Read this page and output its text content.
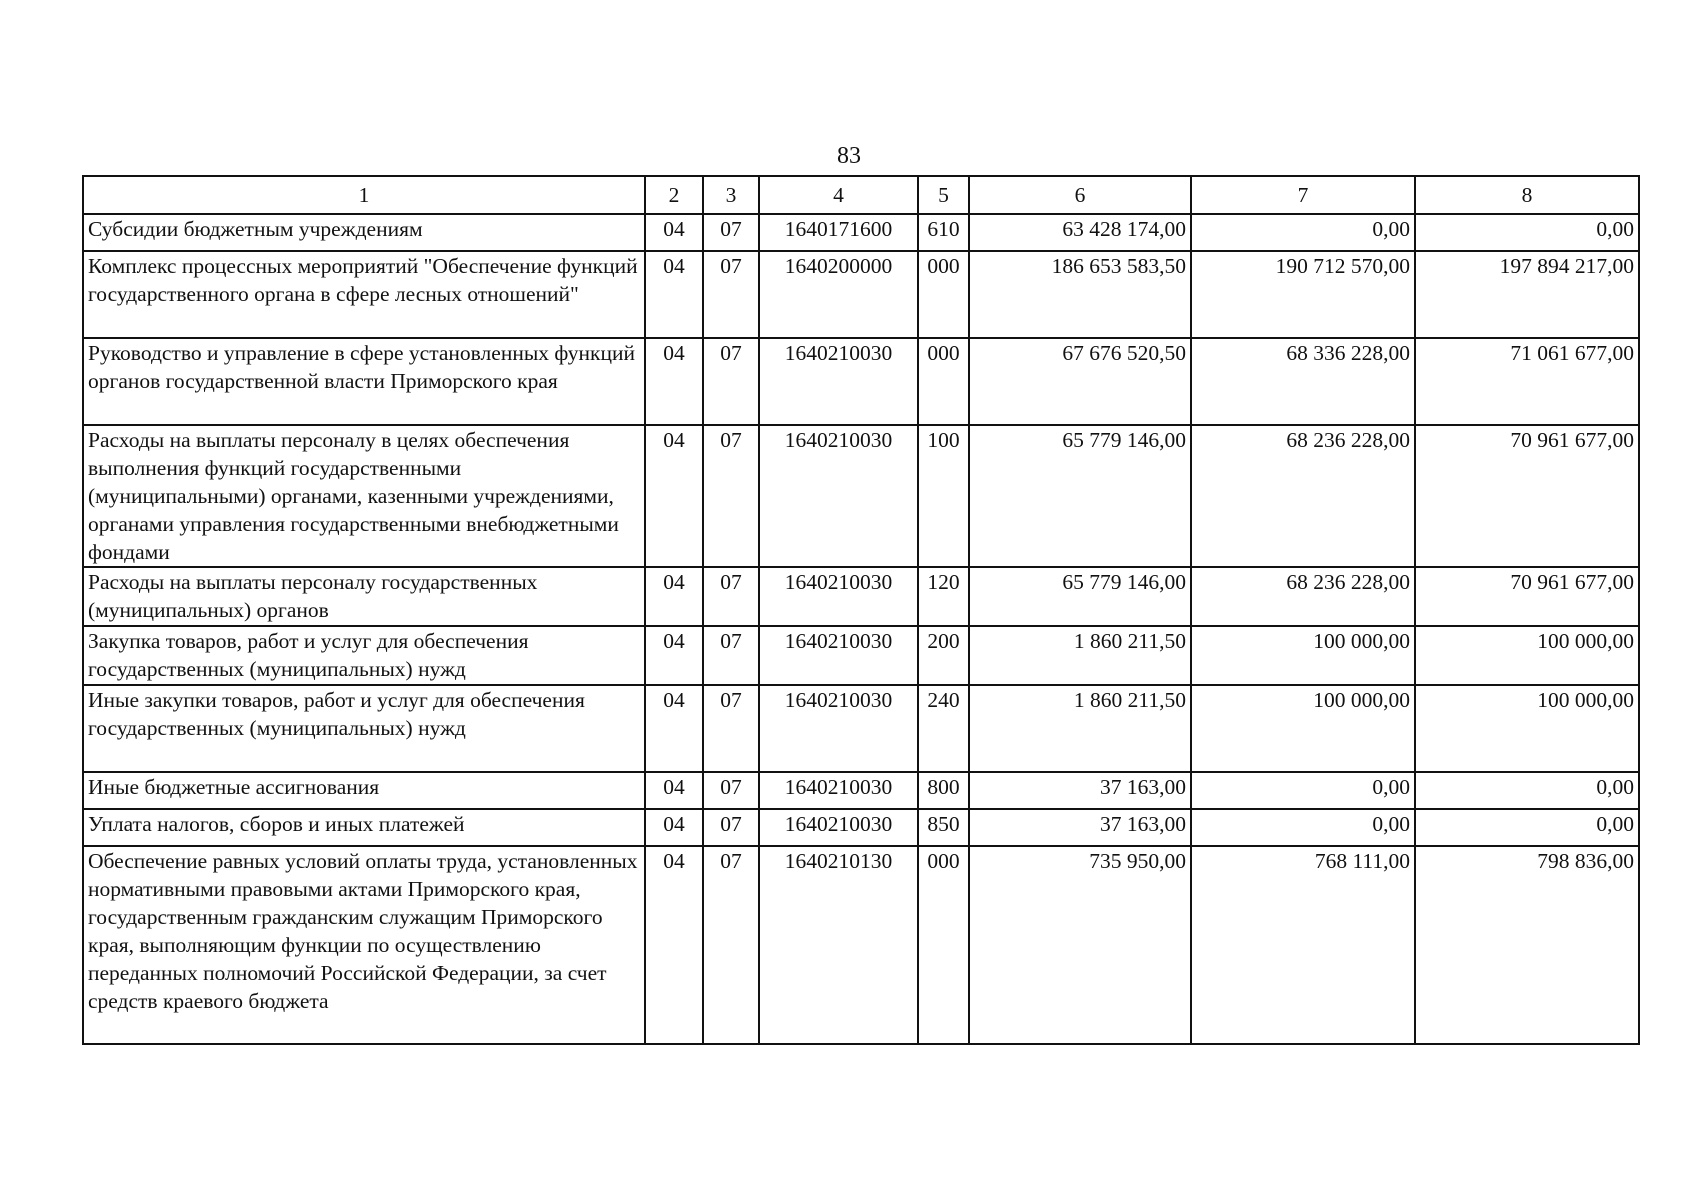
83
1	2	3	4	5	6	7	8
Субсидии бюджетным учреждениям	04	07	1640171600	610	63 428 174,00	0,00	0,00
Комплекс процессных мероприятий "Обеспечение функций государственного органа в сфере лесных отношений"	04	07	1640200000	000	186 653 583,50	190 712 570,00	197 894 217,00
Руководство и управление в сфере установленных функций органов государственной власти Приморского края	04	07	1640210030	000	67 676 520,50	68 336 228,00	71 061 677,00
Расходы на выплаты персоналу в целях обеспечения выполнения функций государственными (муниципальными) органами, казенными учреждениями, органами управления государственными внебюджетными фондами	04	07	1640210030	100	65 779 146,00	68 236 228,00	70 961 677,00
Расходы на выплаты персоналу государственных (муниципальных) органов	04	07	1640210030	120	65 779 146,00	68 236 228,00	70 961 677,00
Закупка товаров, работ и услуг для обеспечения государственных (муниципальных) нужд	04	07	1640210030	200	1 860 211,50	100 000,00	100 000,00
Иные закупки товаров, работ и услуг для обеспечения государственных (муниципальных) нужд	04	07	1640210030	240	1 860 211,50	100 000,00	100 000,00
Иные бюджетные ассигнования	04	07	1640210030	800	37 163,00	0,00	0,00
Уплата налогов, сборов и иных платежей	04	07	1640210030	850	37 163,00	0,00	0,00
Обеспечение равных условий оплаты труда, установленных нормативными правовыми актами Приморского края, государственным гражданским служащим Приморского края, выполняющим функции по осуществлению переданных полномочий Российской Федерации, за счет средств краевого бюджета	04	07	1640210130	000	735 950,00	768 111,00	798 836,00
